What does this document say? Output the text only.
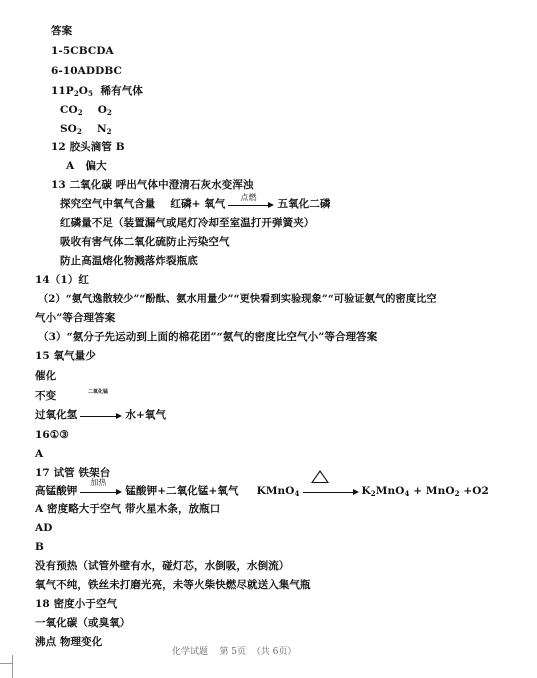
答案
1-5CBCDA
6-10ADDBC
$11P_2O_5$  稀有气体
$CO_2$    $O_2$
$SO_2$    $N_2$
12 胶头滴管 B
A   偏大
13 二氧化碳 呼出气体中澄清石灰水变浑浊
探究空气中氧气含量    红磷+ 氧气
点燃
五氧化二磷
红磷量不足（装置漏气或尾灯冷却至室温打开弹簧夹）
吸收有害气体二氧化硫防止污染空气
防止高温熔化物溅落炸裂瓶底
14（1）红
（2）“氨气逸散较少”“酚酞、氨水用量少”“更快看到实验现象”“可验证氨气的密度比空
气小”等合理答案
（3）“氨分子先运动到上面的棉花团”“氨气的密度比空气小”等合理答案
15 氧气量少
催化
不变	二氧化锰
过氧化氢	水+氧气
16①③
A
17 试管 铁架台
高锰酸钾
加热
锰酸钾+二氧化锰+氧气 KMnO$_4$	$K_2MnO_4 + MnO_2 +O2$
A 密度略大于空气 带火星木条，放瓶口
AD
B
没有预热（试管外壁有水，碰灯芯，水倒吸，水倒流）
氧气不纯，铁丝未打磨光亮，未等火柴快燃尽就送入集气瓶
18 密度小于空气
一氧化碳（或臭氧）
沸点 物理变化
化学试题    第 5页  （共 6页）
